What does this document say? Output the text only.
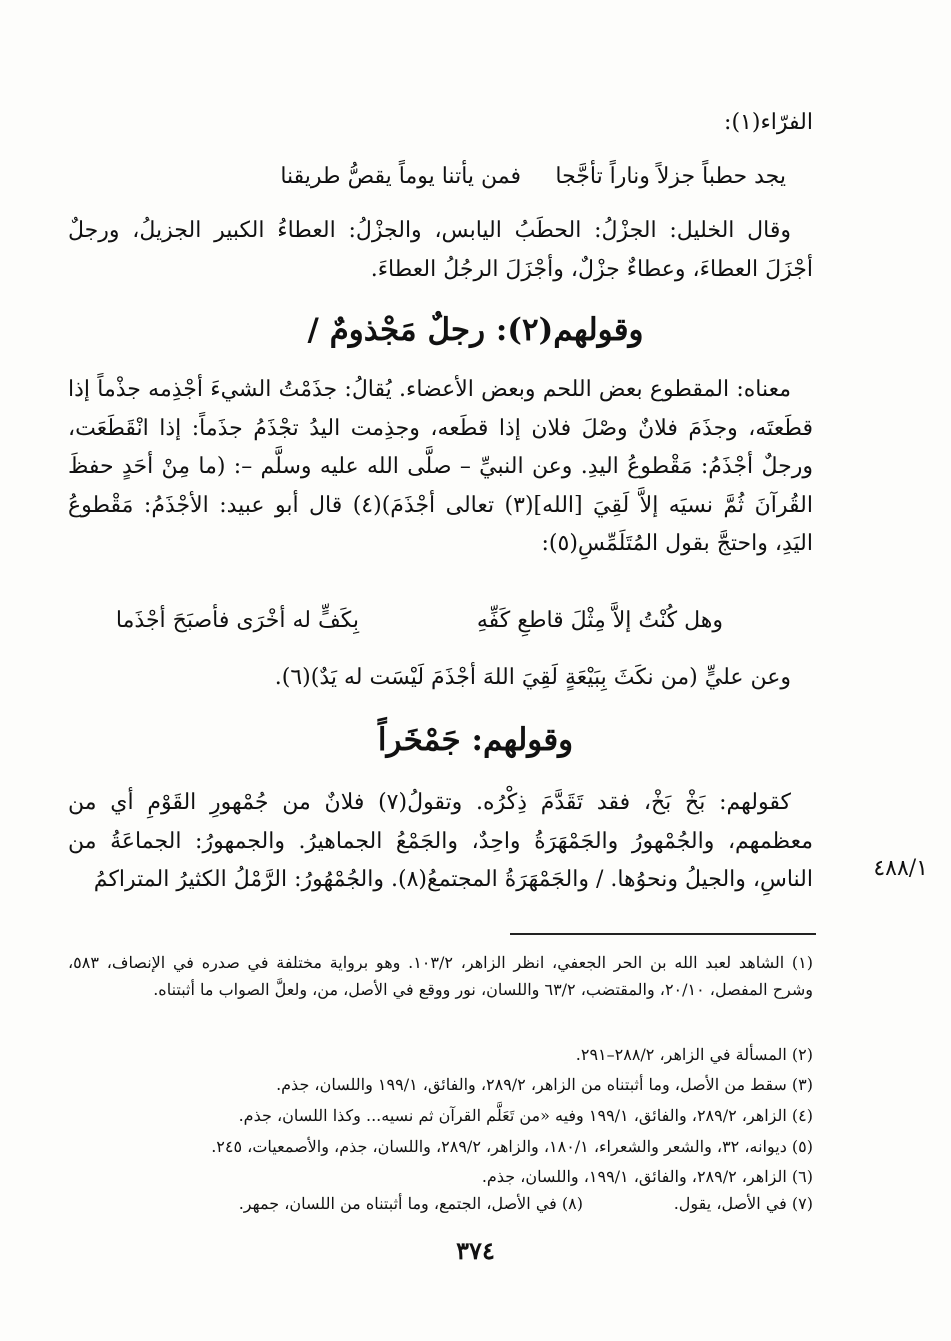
الفرّاء(١):
فمن يأتنا يوماً يقصُّ طريقنا يجد حطباً جزلاً وناراً تأجَّجا
وقال الخليل: الجزْلُ: الحطَبُ اليابس، والجزْلُ: العطاءُ الكبير الجزيلُ، ورجلٌ أجْزَلَ العطاءَ، وعطاءٌ جزْلٌ، وأجْزَلَ الرجُلُ العطاءَ.
وقولهم(٢): رجلٌ مَجْذومٌ /
معناه: المقطوع بعض اللحم وبعض الأعضاء. يُقالُ: جذَمْتُ الشيءَ أجْذِمه جذْماً إذا قطَعتَه، وجذَمَ فلانٌ وصْلَ فلان إذا قطَعه، وجذِمت اليدُ تجْذَمُ جذَماً: إذا انْقَطَعَت، ورجلٌ أجْذَمُ: مَقْطوعُ اليدِ. وعن النبيِّ – صلَّى الله عليه وسلَّم –: (ما مِنْ أحَدٍ حفظَ القُرآنَ ثُمَّ نسيَه إلاَّ لَقِيَ [الله](٣) تعالى أجْذَمَ)(٤) قال أبو عبيد: الأجْذَمُ: مَقْطوعُ اليَدِ، واحتجَّ بقول المُتَلَمِّسِ(٥):
وهل كُنْتُ إلاَّ مِثْلَ قاطعِ كَفِّهِ
بِكَفٍّ له أخْرَى فأصبَحَ أجْذَما
وعن عليٍّ (من نكَثَ بِبَيْعَةٍ لَقِيَ اللهَ أجْذَمَ لَيْسَت له يَدٌ)(٦).
وقولهم: جَمْخَراً
كقولهم: بَخْ بَخْ، فقد تَقَدَّمَ ذِكْرُه. وتقولُ(٧) فلانٌ من جُمْهورِ القَوْمِ أي من معظمهم، والجُمْهورُ والجَمْهَرَةُ واحِدٌ، والجَمْعُ الجماهيرُ. والجمهورُ: الجماعَةُ من الناسِ، والجيلُ ونحوُها. / والجَمْهَرَةُ المجتمعُ(٨). والجُمْهُورُ: الرَّمْلُ الكثيرُ المتراكمُ	٤٨٨/١
(١) الشاهد لعبد الله بن الحر الجعفي، انظر الزاهر، ١٠٣/٢. وهو برواية مختلفة في صدره في الإنصاف، ٥٨٣، وشرح المفصل، ٢٠/١٠، والمقتضب، ٦٣/٢ واللسان، نور ووقع في الأصل، من، ولعلَّ الصواب ما أثبتناه.
(٢) المسألة في الزاهر، ٢٨٨/٢–٢٩١.
(٣) سقط من الأصل، وما أثبتناه من الزاهر، ٢٨٩/٢، والفائق، ١٩٩/١ واللسان، جذم.
(٤) الزاهر، ٢٨٩/٢، والفائق، ١٩٩/١ وفيه «من تَعَلَّم القرآن ثم نسيه... وكذا اللسان، جذم.
(٥) ديوانه، ٣٢، والشعر والشعراء، ١٨٠/١، والزاهر، ٢٨٩/٢، واللسان، جذم، والأصمعيات، ٢٤٥.
(٦) الزاهر، ٢٨٩/٢، والفائق، ١٩٩/١، واللسان، جذم.
(٧) في الأصل، يقول.
(٨) في الأصل، الجتمع، وما أثبتناه من اللسان، جمهر.
٣٧٤
